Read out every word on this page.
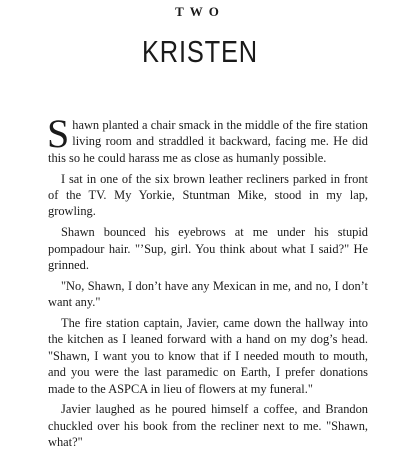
TWO
KRISTEN

Shawn planted a chair smack in the middle of the fire station living room and straddled it backward, facing me. He did this so he could harass me as close as humanly possible.

I sat in one of the six brown leather recliners parked in front of the TV. My Yorkie, Stuntman Mike, stood in my lap, growling.

Shawn bounced his eyebrows at me under his stupid pompadour hair. "’Sup, girl. You think about what I said?" He grinned.

"No, Shawn, I don’t have any Mexican in me, and no, I don’t want any."

The fire station captain, Javier, came down the hallway into the kitchen as I leaned forward with a hand on my dog’s head. "Shawn, I want you to know that if I needed mouth to mouth, and you were the last paramedic on Earth, I prefer donations made to the ASPCA in lieu of flowers at my funeral."

Javier laughed as he poured himself a coffee, and Brandon chuckled over his book from the recliner next to me. "Shawn, what?"
